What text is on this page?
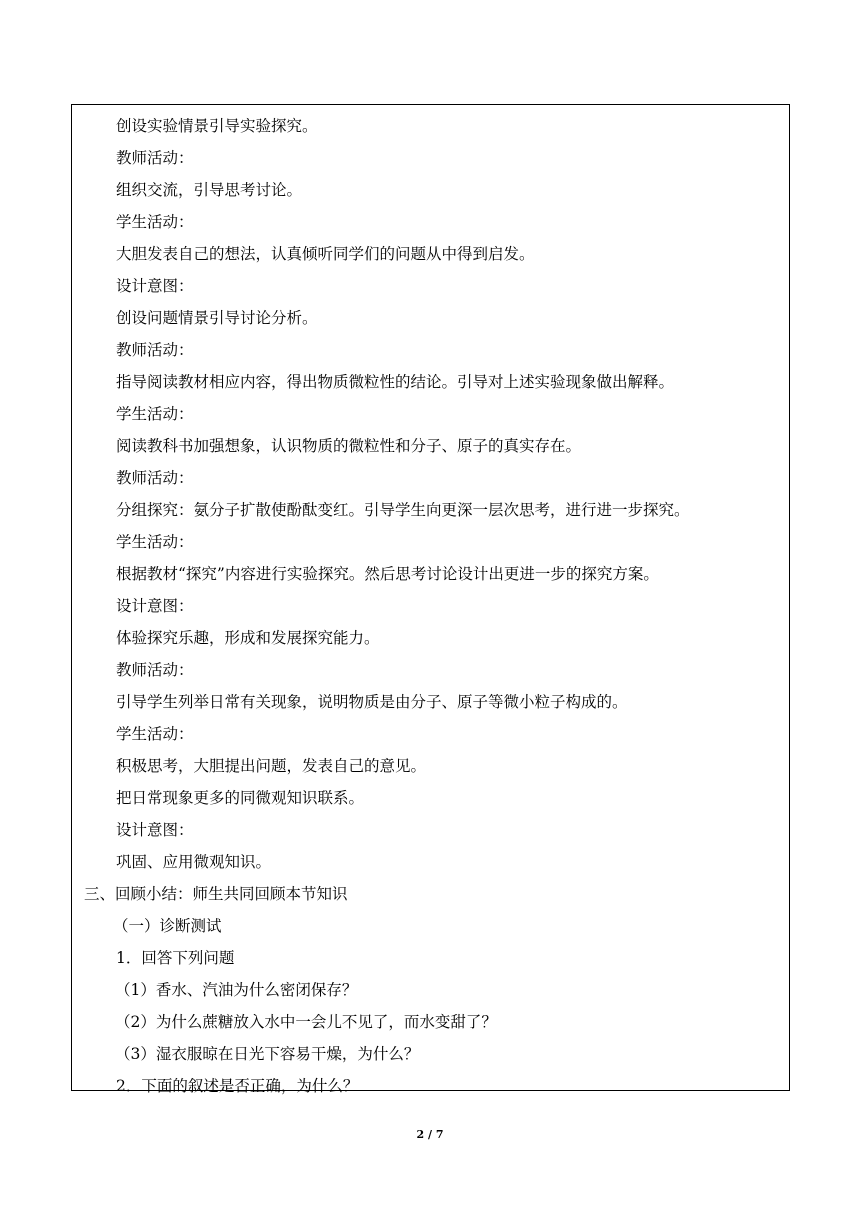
创设实验情景引导实验探究。
教师活动：
组织交流，引导思考讨论。
学生活动：
大胆发表自己的想法，认真倾听同学们的问题从中得到启发。
设计意图：
创设问题情景引导讨论分析。
教师活动：
指导阅读教材相应内容，得出物质微粒性的结论。引导对上述实验现象做出解释。
学生活动：
阅读教科书加强想象，认识物质的微粒性和分子、原子的真实存在。
教师活动：
分组探究：氨分子扩散使酚酞变红。引导学生向更深一层次思考，进行进一步探究。
学生活动：
根据教材“探究”内容进行实验探究。然后思考讨论设计出更进一步的探究方案。
设计意图：
体验探究乐趣，形成和发展探究能力。
教师活动：
引导学生列举日常有关现象，说明物质是由分子、原子等微小粒子构成的。
学生活动：
积极思考，大胆提出问题，发表自己的意见。
把日常现象更多的同微观知识联系。
设计意图：
巩固、应用微观知识。
三、回顾小结：师生共同回顾本节知识
（一）诊断测试
1．回答下列问题
（1）香水、汽油为什么密闭保存？
（2）为什么蔗糖放入水中一会儿不见了，而水变甜了？
（3）湿衣服晾在日光下容易干燥，为什么？
2．下面的叙述是否正确，为什么？
2 / 7
